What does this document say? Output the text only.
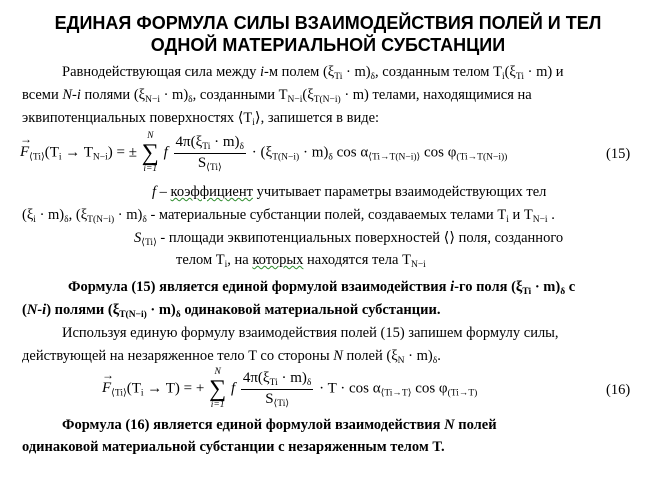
ЕДИНАЯ ФОРМУЛА СИЛЫ ВЗАИМОДЕЙСТВИЯ ПОЛЕЙ И ТЕЛ
ОДНОЙ МАТЕРИАЛЬНОЙ СУБСТАНЦИИ
Равнодействующая сила между i-м полем $(\xi_{Ti} \cdot m)_\delta$, созданным телом $T_i(\xi_{Ti} \cdot m)$ и
всеми N-i полями $(\xi_{N-i} \cdot m)_\delta$, созданными $T_{N-i}(\xi_{T(N-i)} \cdot m)$ телами, находящимися на
эквипотенциальных поверхностях $⟨T_i⟩$, запишется в виде:
→ $F_{⟨Ti⟩}(T_i \to T_{N-i})$ = ±
N
∑
i=1
f $\frac{4\pi(\xi_{Ti} \cdot m)_\delta}{S_{⟨Ti⟩}} \cdot (\xi_{T(N-i)} \cdot m)_\delta$ $\cos \alpha_{⟨Ti\to T(N-i)⟩}$ $\cos \varphi_{(Ti\to T(N-i))}$	(15)
f – коэффициент учитывает параметры взаимодействующих тел
$(\xi_i \cdot m)_\delta$, $(\xi_{T(N-i)} \cdot m)_\delta$ - материальные субстанции полей, создаваемых телами $T_i$ и $T_{N-i}$ .
$S_{⟨Ti⟩}$ - площади эквипотенциальных поверхностей ⟨⟩ поля, созданного
телом $T_i$, на которых находятся тела $T_{N-i}$
Формула (15) является единой формулой взаимодействия i-го поля $(\xi_{Ti} \cdot m)_\delta$ с
(N-i) полями $(\xi_{T(N-i)} \cdot m)_\delta$ одинаковой материальной субстанции.
Используя единую формулу взаимодействия полей (15) запишем формулу силы,
действующей на незаряженное тело T со стороны N полей $(\xi_N \cdot m)_\delta$.
→ $F_{⟨Ti⟩}(T_i \to T)$ = +
N
∑
i=1
f $\frac{4\pi(\xi_{Ti} \cdot m)_\delta}{S_{⟨Ti⟩}} \cdot T \cdot \cos \alpha_{⟨Ti\to T⟩}$ $\cos \varphi_{(Ti\to T)}$	(16)
Формула (16) является единой формулой взаимодействия N полей
одинаковой материальной субстанции с незаряженным телом T.
